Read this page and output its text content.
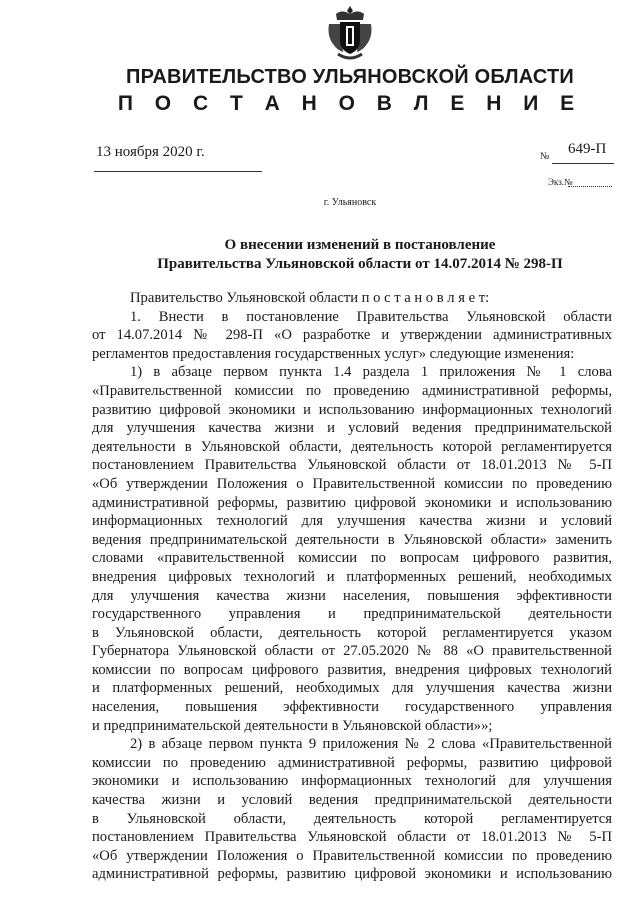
ПРАВИТЕЛЬСТВО УЛЬЯНОВСКОЙ ОБЛАСТИ
П О С Т А Н О В Л Е Н И Е
13 ноября 2020 г.	№ 649-П
Экз.№
г. Ульяновск
О внесении изменений в постановление
Правительства Ульяновской области от 14.07.2014 № 298-П

Правительство Ульяновской области п о с т а н о в л я е т:

1. Внести в постановление Правительства Ульяновской области

от 14.07.2014 № 298-П «О разработке и утверждении административных

регламентов предоставления государственных услуг» следующие изменения:

1) в абзаце первом пункта 1.4 раздела 1 приложения № 1 слова

«Правительственной комиссии по проведению административной реформы,

развитию цифровой экономики и использованию информационных технологий

для улучшения качества жизни и условий ведения предпринимательской

деятельности в Ульяновской области, деятельность которой регламентируется

постановлением Правительства Ульяновской области от 18.01.2013 № 5-П

«Об утверждении Положения о Правительственной комиссии по проведению

административной реформы, развитию цифровой экономики и использованию

информационных технологий для улучшения качества жизни и условий

ведения предпринимательской деятельности в Ульяновской области» заменить

словами «правительственной комиссии по вопросам цифрового развития,

внедрения цифровых технологий и платформенных решений, необходимых

для улучшения качества жизни населения, повышения эффективности

государственного управления и предпринимательской деятельности

в Ульяновской области, деятельность которой регламентируется указом

Губернатора Ульяновской области от 27.05.2020 № 88 «О правительственной

комиссии по вопросам цифрового развития, внедрения цифровых технологий

и платформенных решений, необходимых для улучшения качества жизни

населения, повышения эффективности государственного управления

и предпринимательской деятельности в Ульяновской области»»;

2) в абзаце первом пункта 9 приложения № 2 слова «Правительственной

комиссии по проведению административной реформы, развитию цифровой

экономики и использованию информационных технологий для улучшения

качества жизни и условий ведения предпринимательской деятельности

в Ульяновской области, деятельность которой регламентируется

постановлением Правительства Ульяновской области от 18.01.2013 № 5-П

«Об утверждении Положения о Правительственной комиссии по проведению

административной реформы, развитию цифровой экономики и использованию
